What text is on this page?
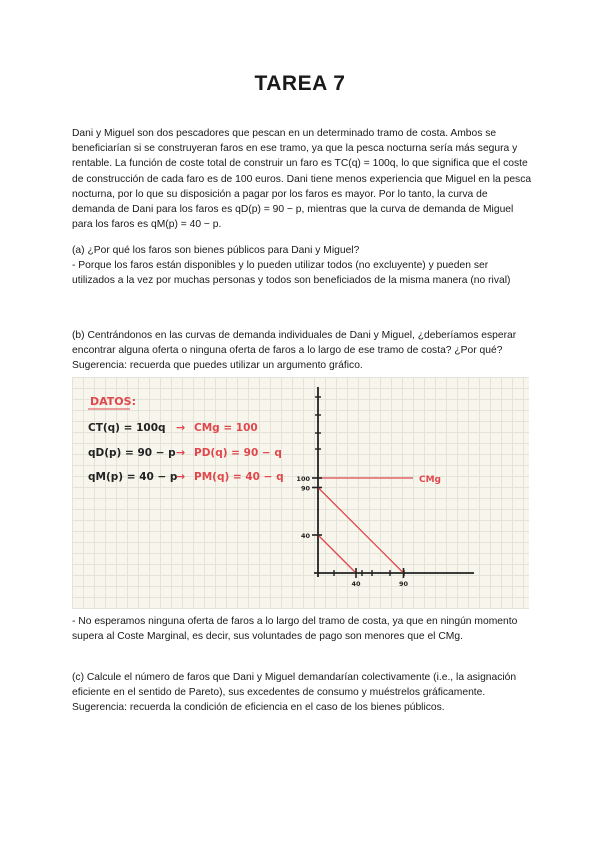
TAREA 7

Dani y Miguel son dos pescadores que pescan en un determinado tramo de costa. Ambos se beneficiarían si se construyeran faros en ese tramo, ya que la pesca nocturna sería más segura y rentable. La función de coste total de construir un faro es TC(q) = 100q, lo que significa que el coste de construcción de cada faro es de 100 euros. Dani tiene menos experiencia que Miguel en la pesca nocturna, por lo que su disposición a pagar por los faros es mayor. Por lo tanto, la curva de demanda de Dani para los faros es qD(p) = 90 − p, mientras que la curva de demanda de Miguel para los faros es qM(p) = 40 − p.

(a) ¿Por qué los faros son bienes públicos para Dani y Miguel?
- Porque los faros están disponibles y lo pueden utilizar todos (no excluyente) y pueden ser utilizados a la vez por muchas personas y todos son beneficiados de la misma manera (no rival)

(b) Centrándonos en las curvas de demanda individuales de Dani y Miguel, ¿deberíamos esperar encontrar alguna oferta o ninguna oferta de faros a lo largo de ese tramo de costa? ¿Por qué? Sugerencia: recuerda que puedes utilizar un argumento gráfico.

DATOS:
CT(q) = 100q → CMg = 100
qD(p) = 90 − p → PD(q) = 90 − q
qM(p) = 40 − p
→ PM(q) = 40 − q 100
90
40
40	90
CMg

- No esperamos ninguna oferta de faros a lo largo del tramo de costa, ya que en ningún momento supera al Coste Marginal, es decir, sus voluntades de pago son menores que el CMg.

(c) Calcule el número de faros que Dani y Miguel demandarían colectivamente (i.e., la asignación eficiente en el sentido de Pareto), sus excedentes de consumo y muéstrelos gráficamente. Sugerencia: recuerda la condición de eficiencia en el caso de los bienes públicos.
